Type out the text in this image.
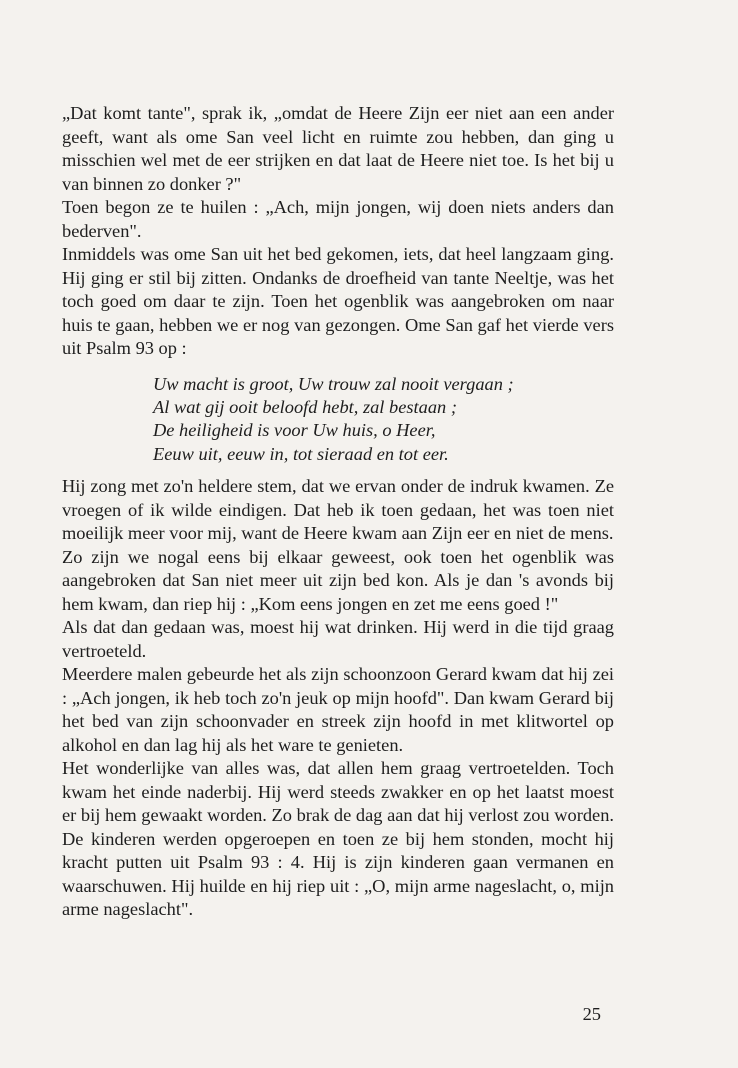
„Dat komt tante", sprak ik, „omdat de Heere Zijn eer niet aan een ander geeft, want als ome San veel licht en ruimte zou hebben, dan ging u misschien wel met de eer strijken en dat laat de Heere niet toe. Is het bij u van binnen zo donker ?"

Toen begon ze te huilen : „Ach, mijn jongen, wij doen niets anders dan bederven".

Inmiddels was ome San uit het bed gekomen, iets, dat heel langzaam ging. Hij ging er stil bij zitten. Ondanks de droefheid van tante Neeltje, was het toch goed om daar te zijn. Toen het ogenblik was aangebroken om naar huis te gaan, hebben we er nog van gezongen. Ome San gaf het vierde vers uit Psalm 93 op :

Uw macht is groot, Uw trouw zal nooit vergaan ;
Al wat gij ooit beloofd hebt, zal bestaan ;
De heiligheid is voor Uw huis, o Heer,
Eeuw uit, eeuw in, tot sieraad en tot eer.

Hij zong met zo'n heldere stem, dat we ervan onder de indruk kwamen. Ze vroegen of ik wilde eindigen. Dat heb ik toen gedaan, het was toen niet moeilijk meer voor mij, want de Heere kwam aan Zijn eer en niet de mens.

Zo zijn we nogal eens bij elkaar geweest, ook toen het ogenblik was aangebroken dat San niet meer uit zijn bed kon. Als je dan 's avonds bij hem kwam, dan riep hij : „Kom eens jongen en zet me eens goed !"

Als dat dan gedaan was, moest hij wat drinken. Hij werd in die tijd graag vertroeteld.

Meerdere malen gebeurde het als zijn schoonzoon Gerard kwam dat hij zei : „Ach jongen, ik heb toch zo'n jeuk op mijn hoofd". Dan kwam Gerard bij het bed van zijn schoonvader en streek zijn hoofd in met klitwortel op alkohol en dan lag hij als het ware te genieten.

Het wonderlijke van alles was, dat allen hem graag vertroetelden. Toch kwam het einde naderbij. Hij werd steeds zwakker en op het laatst moest er bij hem gewaakt worden. Zo brak de dag aan dat hij verlost zou worden. De kinderen werden opgeroepen en toen ze bij hem stonden, mocht hij kracht putten uit Psalm 93 : 4. Hij is zijn kinderen gaan vermanen en waarschuwen. Hij huilde en hij riep uit : „O, mijn arme nageslacht, o, mijn arme nageslacht".

25
